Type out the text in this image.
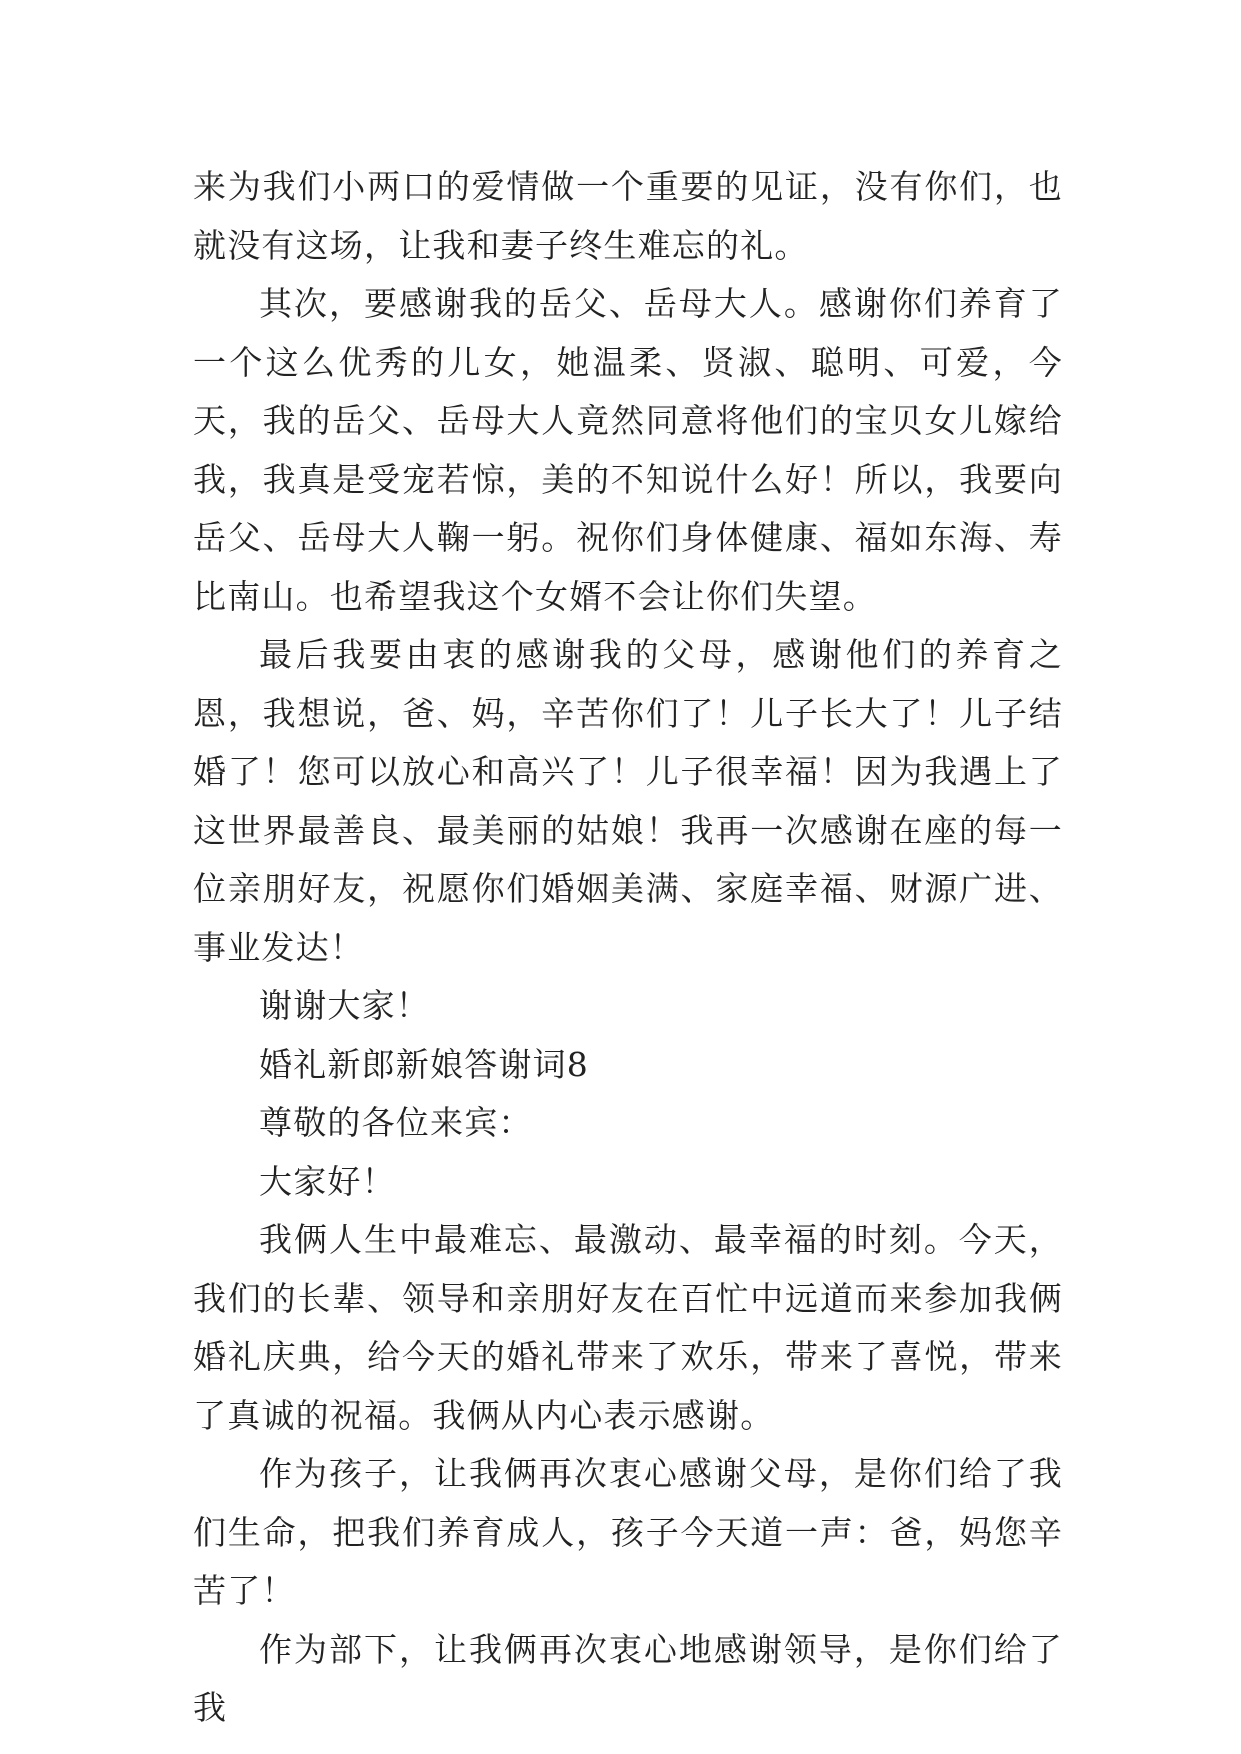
来为我们小两口的爱情做一个重要的见证，没有你们，也就没有这场，让我和妻子终生难忘的礼。

其次，要感谢我的岳父、岳母大人。感谢你们养育了一个这么优秀的儿女，她温柔、贤淑、聪明、可爱，今天，我的岳父、岳母大人竟然同意将他们的宝贝女儿嫁给我，我真是受宠若惊，美的不知说什么好！所以，我要向岳父、岳母大人鞠一躬。祝你们身体健康、福如东海、寿比南山。也希望我这个女婿不会让你们失望。

最后我要由衷的感谢我的父母，感谢他们的养育之恩，我想说，爸、妈，辛苦你们了！儿子长大了！儿子结婚了！您可以放心和高兴了！儿子很幸福！因为我遇上了这世界最善良、最美丽的姑娘！我再一次感谢在座的每一位亲朋好友，祝愿你们婚姻美满、家庭幸福、财源广进、事业发达！

谢谢大家！

婚礼新郎新娘答谢词8

尊敬的各位来宾：

大家好！

我俩人生中最难忘、最激动、最幸福的时刻。今天，我们的长辈、领导和亲朋好友在百忙中远道而来参加我俩婚礼庆典，给今天的婚礼带来了欢乐，带来了喜悦，带来了真诚的祝福。我俩从内心表示感谢。

作为孩子，让我俩再次衷心感谢父母，是你们给了我们生命，把我们养育成人，孩子今天道一声：爸，妈您辛苦了！

作为部下，让我俩再次衷心地感谢领导，是你们给了我
